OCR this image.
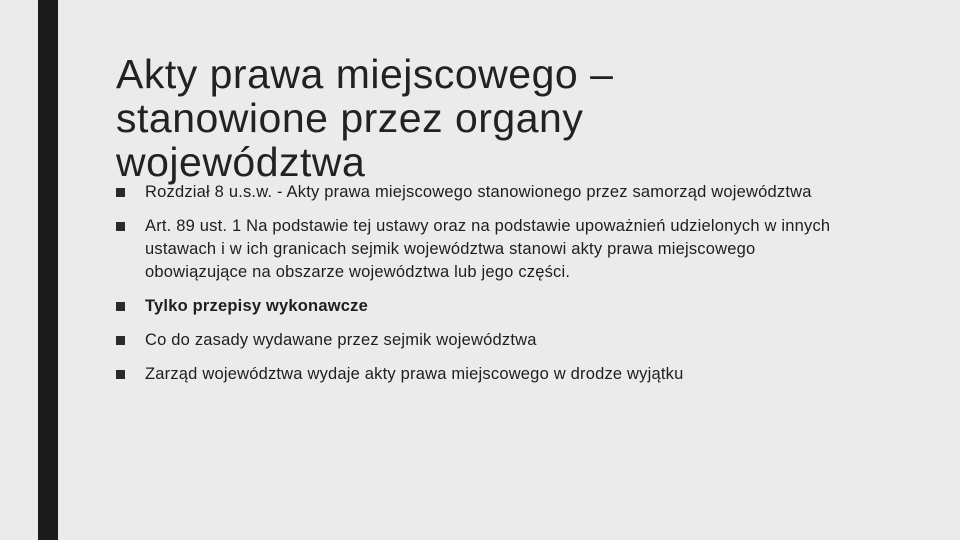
Rozdział 8 u.s.w. - Akty prawa miejscowego stanowionego przez samorząd województwa
Art. 89 ust. 1 Na podstawie tej ustawy oraz na podstawie upoważnień udzielonych w innych ustawach i w ich granicach sejmik województwa stanowi akty prawa miejscowego obowiązujące na obszarze województwa lub jego części.
Tylko przepisy wykonawcze
Co do zasady wydawane przez sejmik województwa
Zarząd województwa wydaje akty prawa miejscowego w drodze wyjątku
Akty prawa miejscowego – stanowione przez organy województwa
